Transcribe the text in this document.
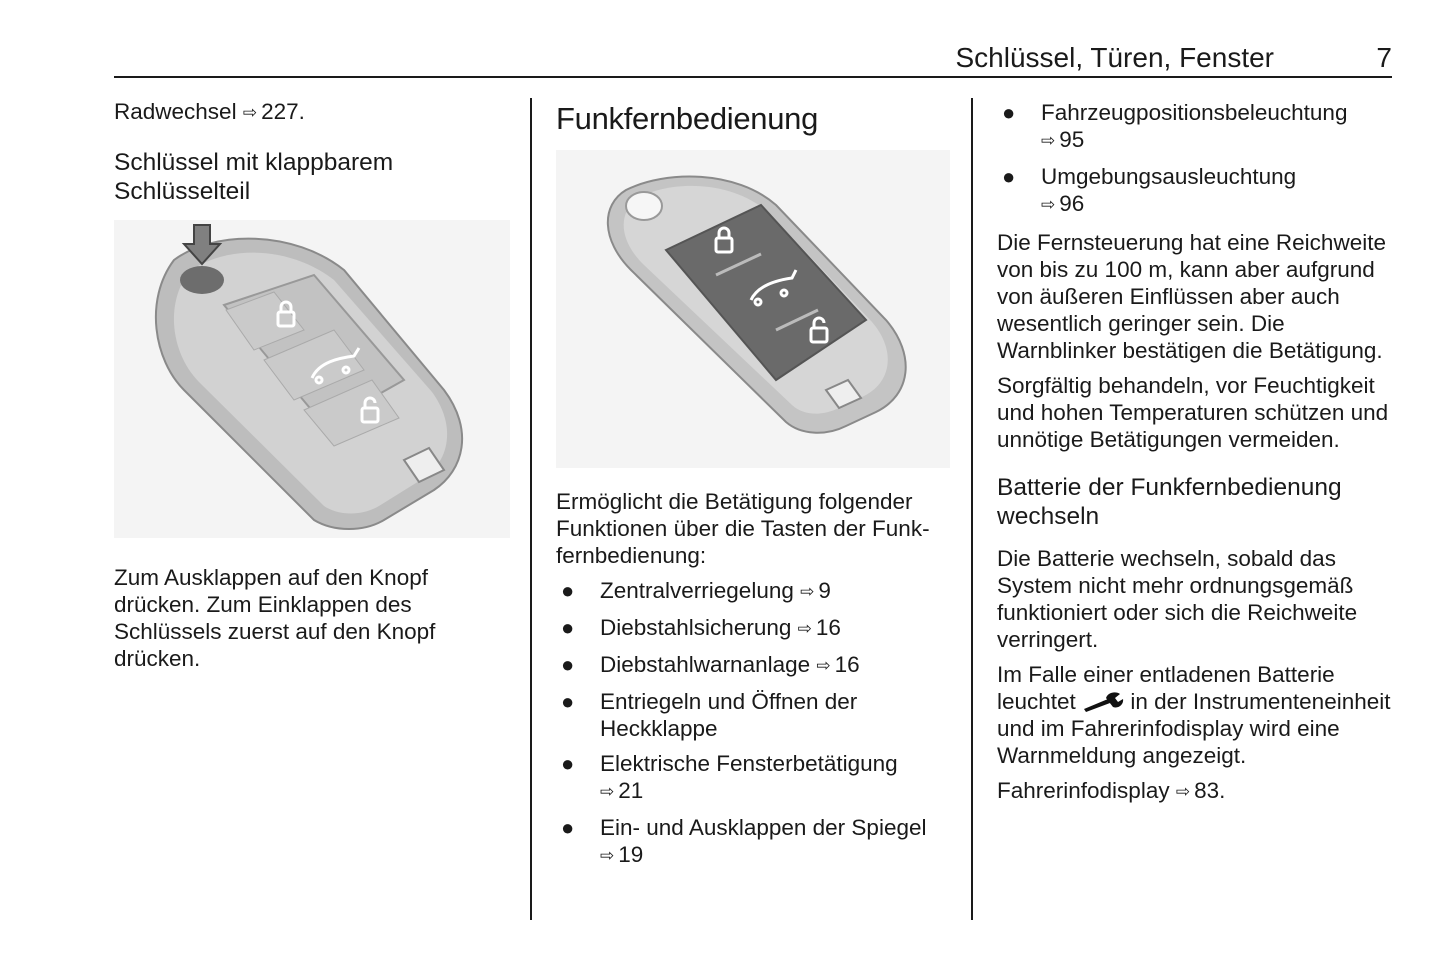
Schlüssel, Türen, Fenster	7

Radwechsel ⇨ 227.

Schlüssel mit klappbarem Schlüsselteil

Zum Ausklappen auf den Knopf drücken. Zum Einklappen des Schlüssels zuerst auf den Knopf drücken.

Funkfernbedienung

Ermöglicht die Betätigung folgender Funktionen über die Tasten der Funkfernbedienung:

● Zentralverriegelung ⇨ 9
● Diebstahlsicherung ⇨ 16
● Diebstahlwarnanlage ⇨ 16
● Entriegeln und Öffnen der Heckklappe
● Elektrische Fensterbetätigung
⇨ 21
● Ein- und Ausklappen der Spiegel
⇨ 19
● Fahrzeugpositionsbeleuchtung
⇨ 95
● Umgebungsausleuchtung
⇨ 96

Die Fernsteuerung hat eine Reichweite von bis zu 100 m, kann aber aufgrund von äußeren Einflüssen aber auch wesentlich geringer sein. Die Warnblinker bestätigen die Betätigung.

Sorgfältig behandeln, vor Feuchtigkeit und hohen Temperaturen schützen und unnötige Betätigungen vermeiden.

Batterie der Funkfernbedienung wechseln

Die Batterie wechseln, sobald das System nicht mehr ordnungsgemäß funktioniert oder sich die Reichweite verringert.

Im Falle einer entladenen Batterie leuchtet in der Instrumenteneinheit und im Fahrerinfodisplay wird eine Warnmeldung angezeigt.

Fahrerinfodisplay ⇨ 83.
